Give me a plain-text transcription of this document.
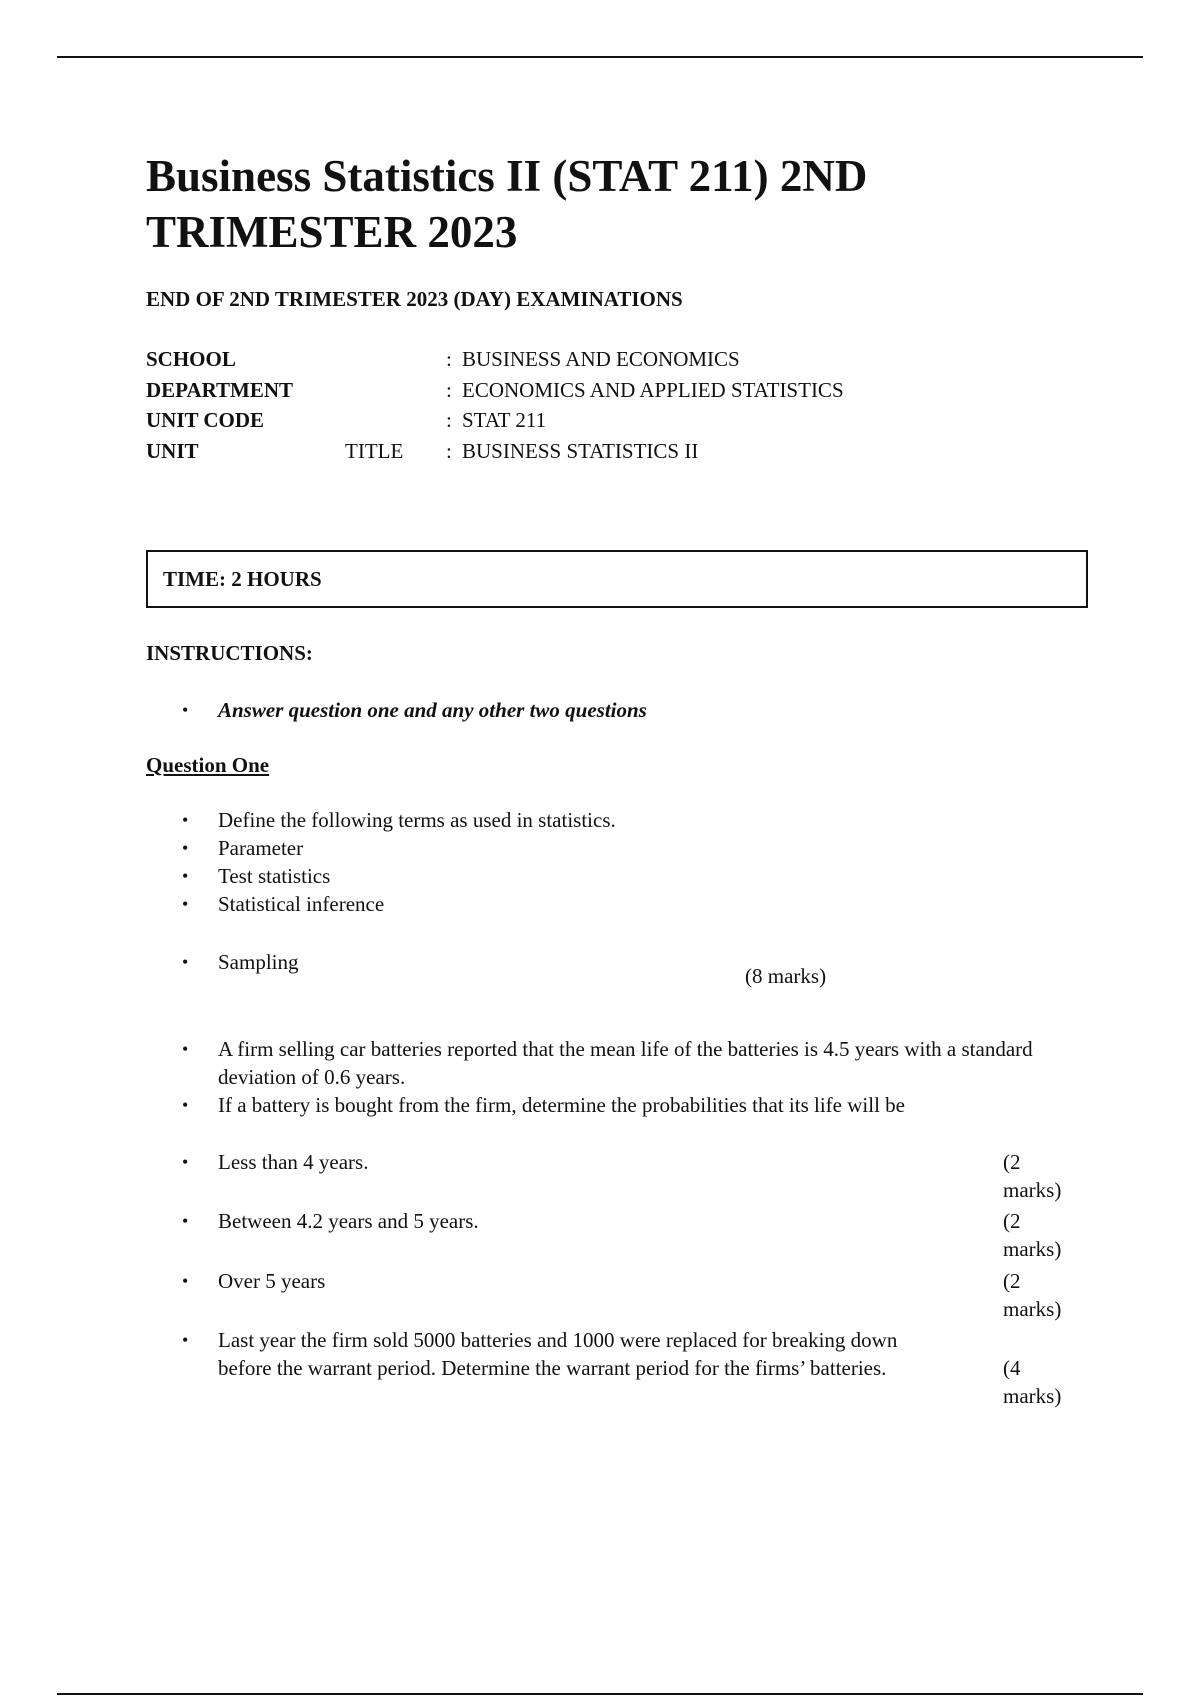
Business Statistics II (STAT 211) 2ND TRIMESTER 2023
END OF 2ND TRIMESTER 2023 (DAY) EXAMINATIONS
SCHOOL	: BUSINESS AND ECONOMICS
DEPARTMENT	: ECONOMICS AND APPLIED STATISTICS
UNIT CODE	: STAT 211
UNIT	TITLE : BUSINESS STATISTICS II
TIME: 2 HOURS
INSTRUCTIONS:
• Answer question one and any other two questions
Question One
• Define the following terms as used in statistics.
• Parameter
• Test statistics
• Statistical inference
• Sampling
(8 marks)
• A firm selling car batteries reported that the mean life of the batteries is 4.5 years with a standard deviation of 0.6 years.
• If a battery is bought from the firm, determine the probabilities that its life will be
• Less than 4 years.	(2 marks)
• Between 4.2 years and 5 years.	(2 marks)
• Over 5 years	(2 marks)
• Last year the firm sold 5000 batteries and 1000 were replaced for breaking down before the warrant period. Determine the warrant period for the firms’ batteries.	(4 marks)
